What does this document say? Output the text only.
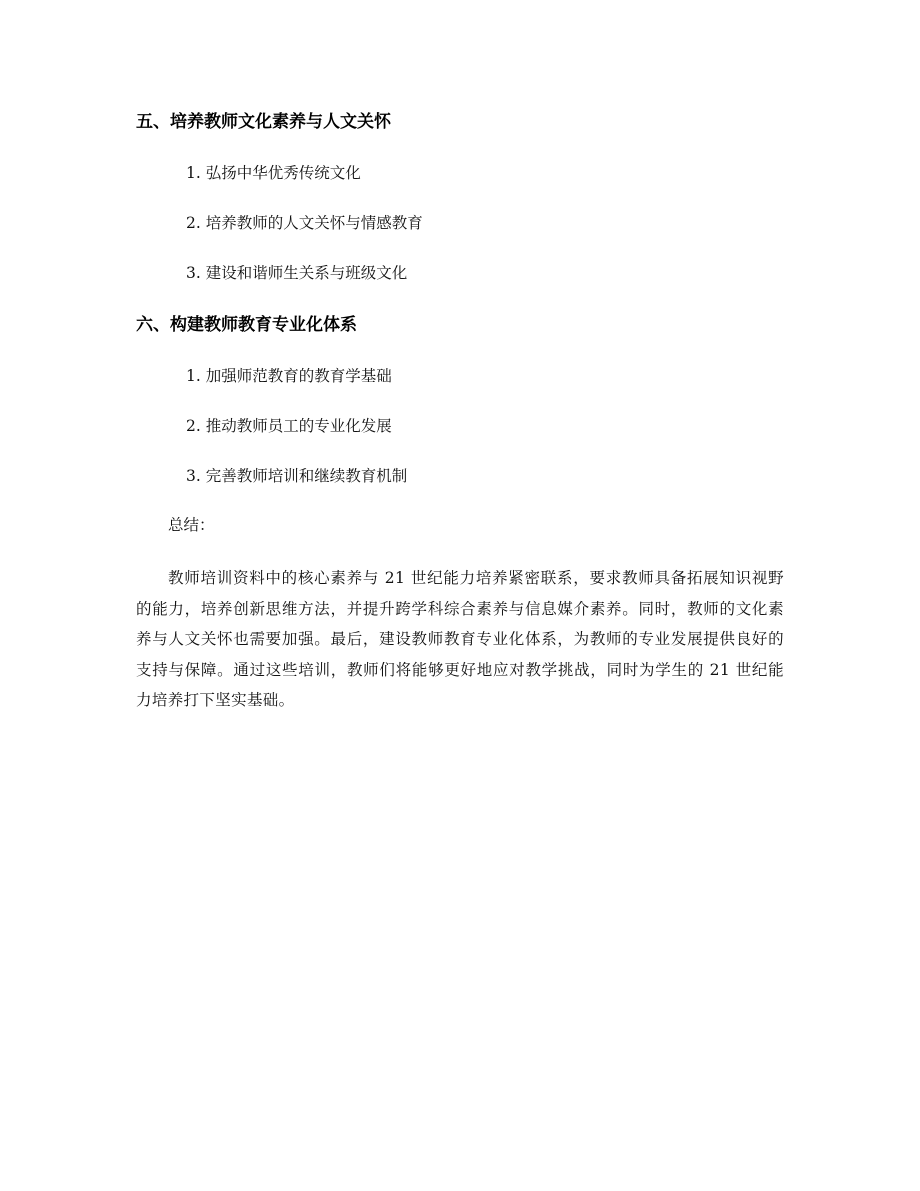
五、培养教师文化素养与人文关怀
1. 弘扬中华优秀传统文化
2. 培养教师的人文关怀与情感教育
3. 建设和谐师生关系与班级文化
六、构建教师教育专业化体系
1. 加强师范教育的教育学基础
2. 推动教师员工的专业化发展
3. 完善教师培训和继续教育机制
总结：

教师培训资料中的核心素养与 21 世纪能力培养紧密联系，要求教师具备拓展知识视野的能力，培养创新思维方法，并提升跨学科综合素养与信息媒介素养。同时，教师的文化素养与人文关怀也需要加强。最后，建设教师教育专业化体系，为教师的专业发展提供良好的支持与保障。通过这些培训，教师们将能够更好地应对教学挑战，同时为学生的 21 世纪能力培养打下坚实基础。
